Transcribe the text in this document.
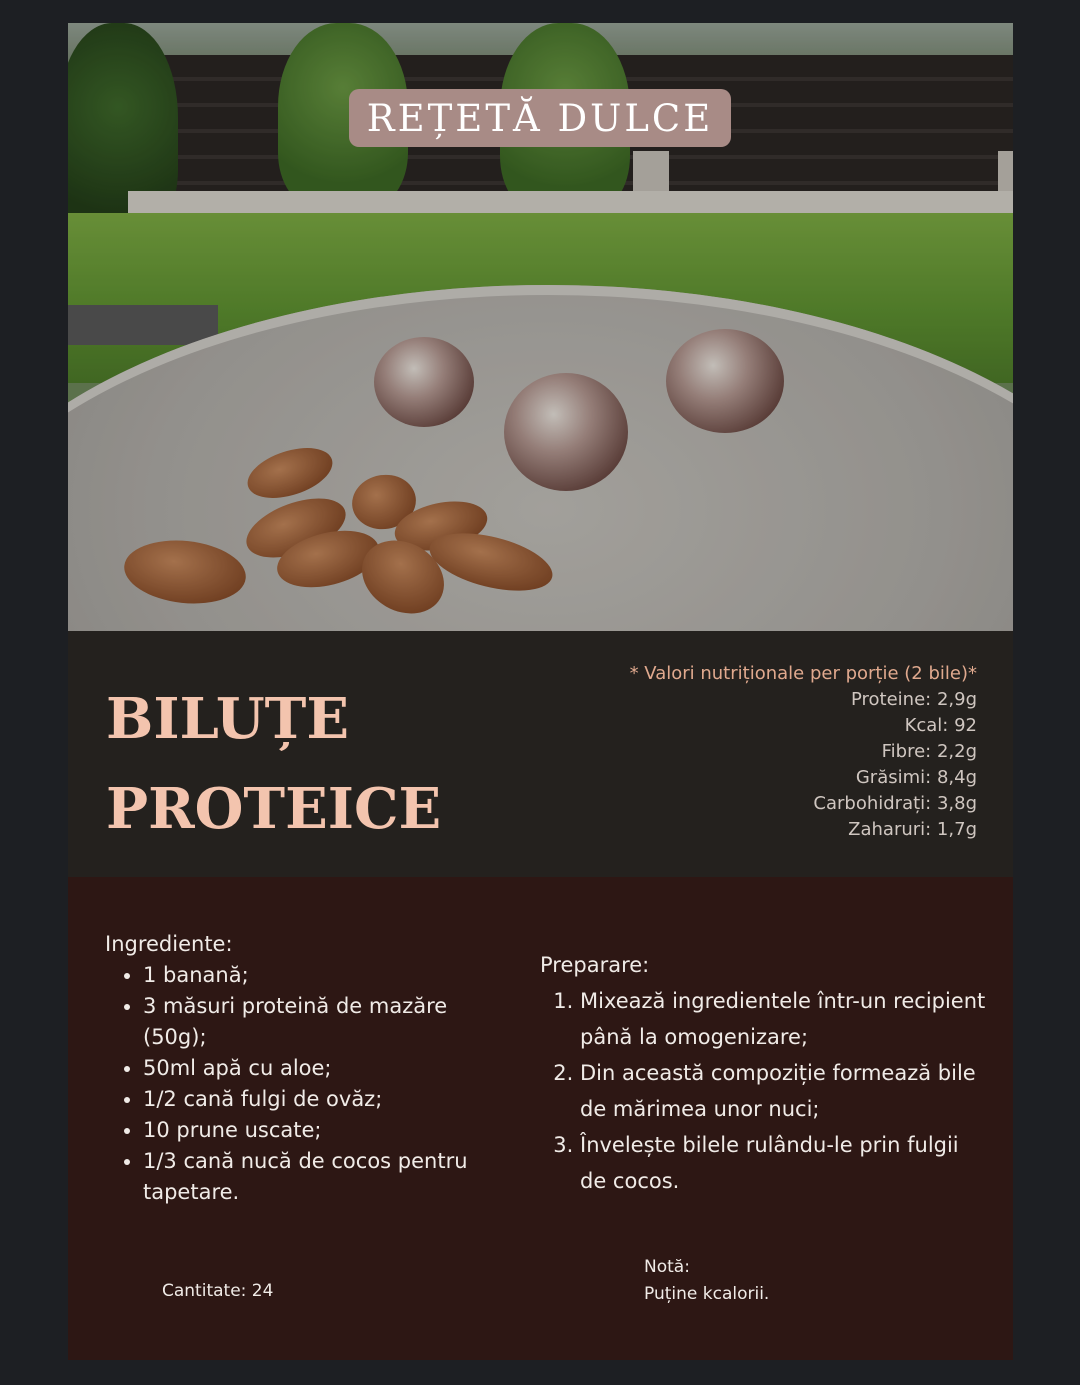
REȚETĂ DULCE
BILUȚE
PROTEICE
* Valori nutriționale per porție (2 bile)*
Proteine: 2,9g
Kcal: 92
Fibre: 2,2g
Grăsimi: 8,4g
Carbohidrați: 3,8g
Zaharuri: 1,7g
Ingrediente:
• 1 banană;
• 3 măsuri proteină de mazăre (50g);
• 50ml apă cu aloe;
• 1/2 cană fulgi de ovăz;
• 10 prune uscate;
• 1/3 cană nucă de cocos pentru tapetare.
Preparare:
1. Mixează ingredientele într-un recipient până la omogenizare;
2. Din această compoziție formează bile de mărimea unor nuci;
3. Învelește bilele rulându-le prin fulgii de cocos.
Cantitate: 24
Notă:
Puține kcalorii.
